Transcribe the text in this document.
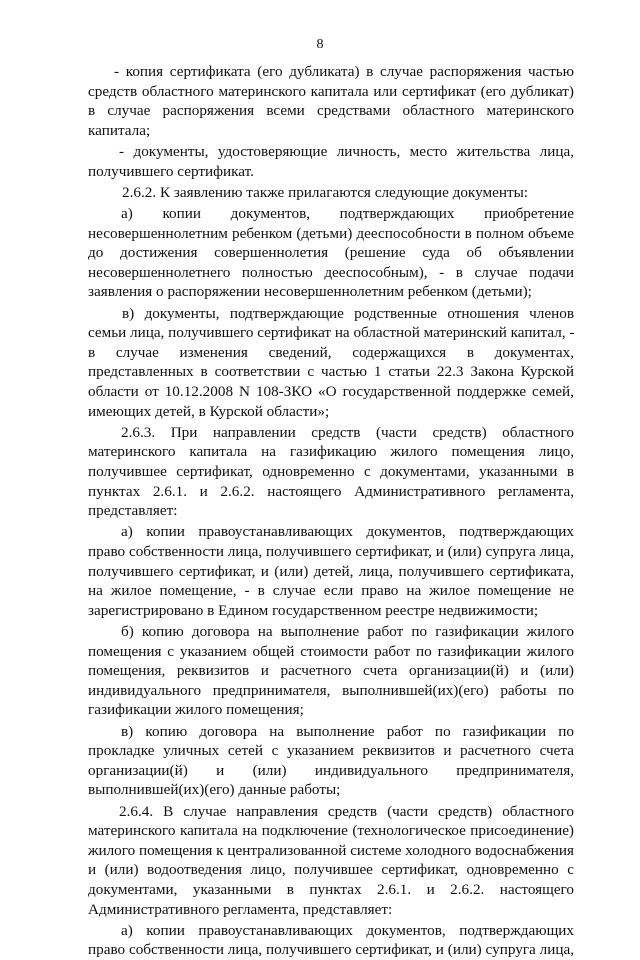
8
- копия сертификата (его дубликата) в случае распоряжения частью
средств областного материнского капитала или сертификат (его дубликат)
в случае распоряжения всеми средствами областного материнского
капитала;
- документы, удостоверяющие личность, место жительства лица,
получившего сертификат.
2.6.2. К заявлению также прилагаются следующие документы:
а) копии документов, подтверждающих приобретение
несовершеннолетним ребенком (детьми) дееспособности в полном объеме
до достижения совершеннолетия (решение суда об объявлении
несовершеннолетнего полностью дееспособным), - в случае подачи
заявления о распоряжении несовершеннолетним ребенком (детьми);
в) документы, подтверждающие родственные отношения членов
семьи лица, получившего сертификат на областной материнский капитал, -
в случае изменения сведений, содержащихся в документах,
представленных в соответствии с частью 1 статьи 22.3 Закона Курской
области от 10.12.2008 N 108-ЗКО «О государственной поддержке семей,
имеющих детей, в Курской области»;
2.6.3. При направлении средств (части средств) областного
материнского капитала на газификацию жилого помещения лицо,
получившее сертификат, одновременно с документами, указанными в
пунктах 2.6.1. и 2.6.2. настоящего Административного регламента,
представляет:
а) копии правоустанавливающих документов, подтверждающих
право собственности лица, получившего сертификат, и (или) супруга лица,
получившего сертификат, и (или) детей, лица, получившего сертификата,
на жилое помещение, - в случае если право на жилое помещение не
зарегистрировано в Едином государственном реестре недвижимости;
б) копию договора на выполнение работ по газификации жилого
помещения с указанием общей стоимости работ по газификации жилого
помещения, реквизитов и расчетного счета организации(й) и (или)
индивидуального предпринимателя, выполнившей(их)(его) работы по
газификации жилого помещения;
в) копию договора на выполнение работ по газификации по
прокладке уличных сетей с указанием реквизитов и расчетного счета
организации(й) и (или) индивидуального предпринимателя,
выполнившей(их)(его) данные работы;
2.6.4. В случае направления средств (части средств) областного
материнского капитала на подключение (технологическое присоединение)
жилого помещения к централизованной системе холодного водоснабжения
и (или) водоотведения лицо, получившее сертификат, одновременно с
документами, указанными в пунктах 2.6.1. и 2.6.2. настоящего
Административного регламента, представляет:
а) копии правоустанавливающих документов, подтверждающих
право собственности лица, получившего сертификат, и (или) супруга лица,
